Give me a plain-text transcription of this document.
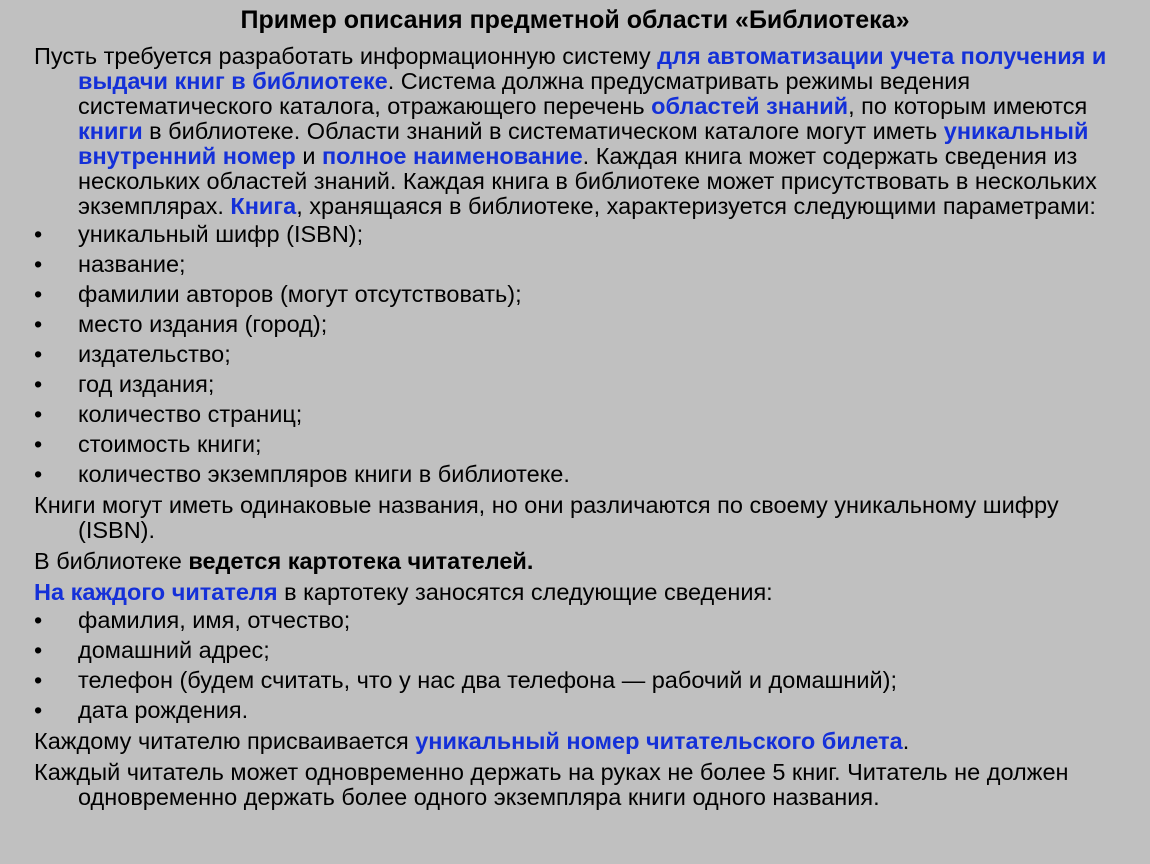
Пример описания предметной области «Библиотека»

Пусть требуется разработать информационную систему для автоматизации учета получения и выдачи книг в библиотеке. Система должна предусматривать режимы ведения систематического каталога, отражающего перечень областей знаний, по которым имеются книги в библиотеке. Области знаний в систематическом каталоге могут иметь уникальный внутренний номер и полное наименование. Каждая книга может содержать сведения из нескольких областей знаний. Каждая книга в библиотеке может присутствовать в нескольких экземплярах. Книга, хранящаяся в библиотеке, характеризуется следующими параметрами:

•	уникальный шифр (ISBN);
•	название;
•	фамилии авторов (могут отсутствовать);
•	место издания (город);
•	издательство;
•	год издания;
•	количество страниц;
•	стоимость книги;
•	количество экземпляров книги в библиотеке.

Книги могут иметь одинаковые названия, но они различаются по своему уникальному шифру (ISBN).

В библиотеке ведется картотека читателей.

На каждого читателя в картотеку заносятся следующие сведения:

•	фамилия, имя, отчество;
•	домашний адрес;
•	телефон (будем считать, что у нас два телефона — рабочий и домашний);
•	дата рождения.

Каждому читателю присваивается уникальный номер читательского билета.

Каждый читатель может одновременно держать на руках не более 5 книг. Читатель не должен одновременно держать более одного экземпляра книги одного названия.
